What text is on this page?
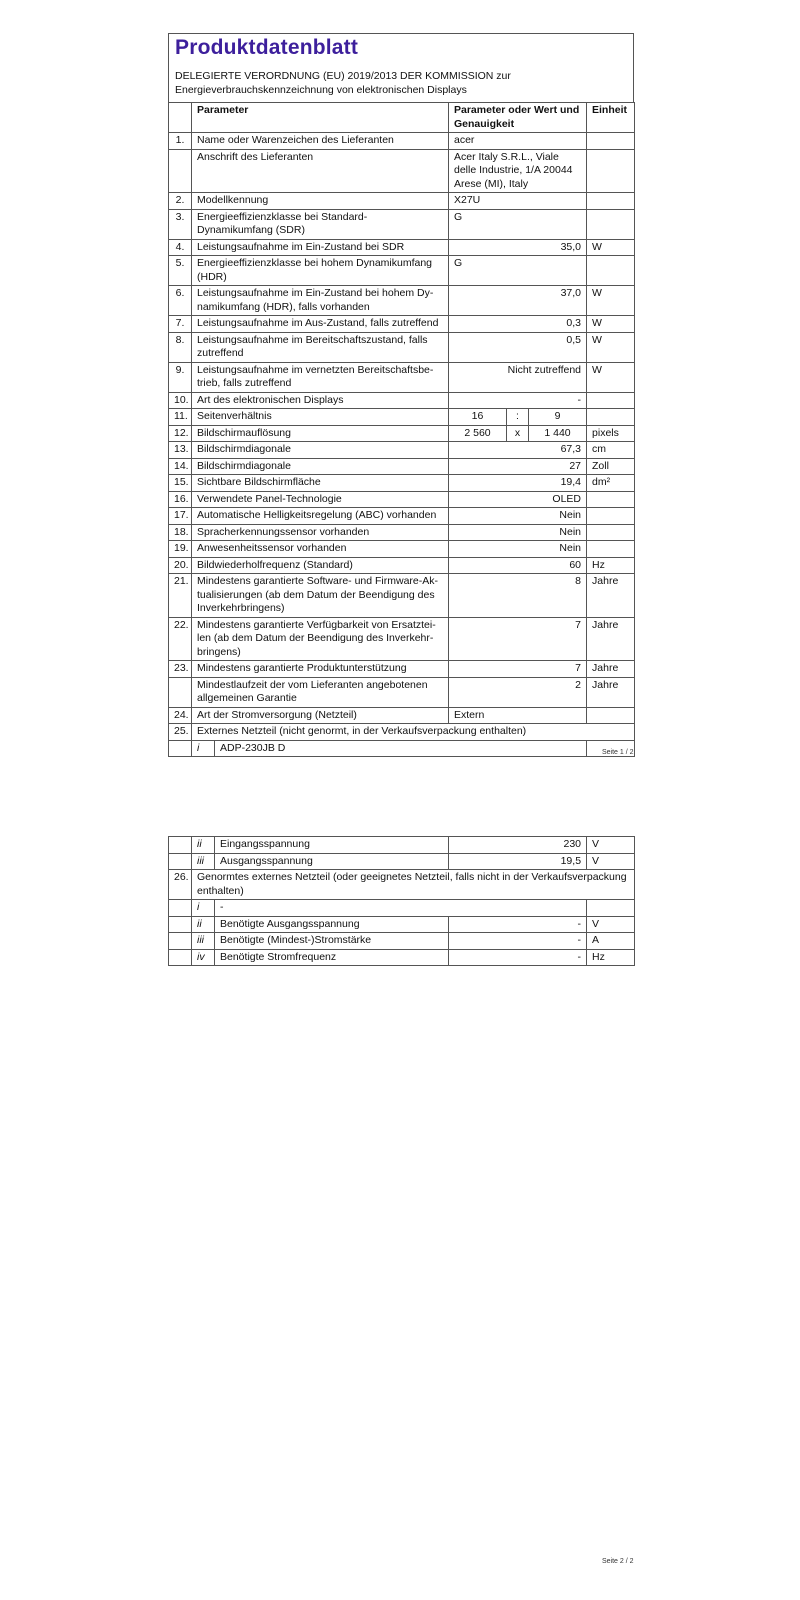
Produktdatenblatt
DELEGIERTE VERORDNUNG (EU) 2019/2013 DER KOMMISSION zur Energieverbrauchskennzeichnung von elektronischen Displays
	Parameter		Parameter oder Wert und Genauigkeit			Einheit
1.	Name oder Warenzeichen des Lieferanten		acer			
	Anschrift des Lieferanten		Acer Italy S.R.L., Viale delle Industrie, 1/A 20044 Arese (MI), Italy			
2.	Modellkennung		X27U			
3.	Energieeffizienzklasse bei Standard-Dynamikumfang (SDR)		G			
4.	Leistungsaufnahme im Ein-Zustand bei SDR		35,0			W
5.	Energieeffizienzklasse bei hohem Dynamikumfang (HDR)		G			
6.	Leistungsaufnahme im Ein-Zustand bei hohem Dy-namikumfang (HDR), falls vorhanden		37,0			W
7.	Leistungsaufnahme im Aus-Zustand, falls zutreffend		0,3			W
8.	Leistungsaufnahme im Bereitschaftszustand, falls zutreffend		0,5			W
9.	Leistungsaufnahme im vernetzten Bereitschaftsbe-trieb, falls zutreffend		Nicht zutreffend			W
10.	Art des elektronischen Displays		-			
11.	Seitenverhältnis		16	:	9	
12.	Bildschirmauflösung		2 560	x	1 440	pixels
13.	Bildschirmdiagonale		67,3			cm
14.	Bildschirmdiagonale		27			Zoll
15.	Sichtbare Bildschirmfläche		19,4			dm²
16.	Verwendete Panel-Technologie		OLED			
17.	Automatische Helligkeitsregelung (ABC) vorhanden		Nein			
18.	Spracherkennungssensor vorhanden		Nein			
19.	Anwesenheitssensor vorhanden		Nein			
20.	Bildwiederholfrequenz (Standard)		60			Hz
21.	Mindestens garantierte Software- und Firmware-Ak-tualisierungen (ab dem Datum der Beendigung des Inverkehrbringens)		8			Jahre
22.	Mindestens garantierte Verfügbarkeit von Ersatztei-len (ab dem Datum der Beendigung des Inverkehr-bringens)		7			Jahre
23.	Mindestens garantierte Produktunterstützung		7			Jahre
	Mindestlaufzeit der vom Lieferanten angebotenen allgemeinen Garantie		2			Jahre
24.	Art der Stromversorgung (Netzteil)		Extern			
25.	Externes Netzteil (nicht genormt, in der Verkaufsverpackung enthalten)					
	i	ADP-230JB D					Seite 1 / 2
	ii	Eingangsspannung	230	V
	iii	Ausgangsspannung	19,5	V
26.	Genormtes externes Netzteil (oder geeignetes Netzteil, falls nicht in der Verkaufsverpackung enthalten)			
	i	-		
	ii	Benötigte Ausgangsspannung	-	V
	iii	Benötigte (Mindest-)Stromstärke	-	A
	iv	Benötigte Stromfrequenz	-	Hz
Seite 2 / 2
